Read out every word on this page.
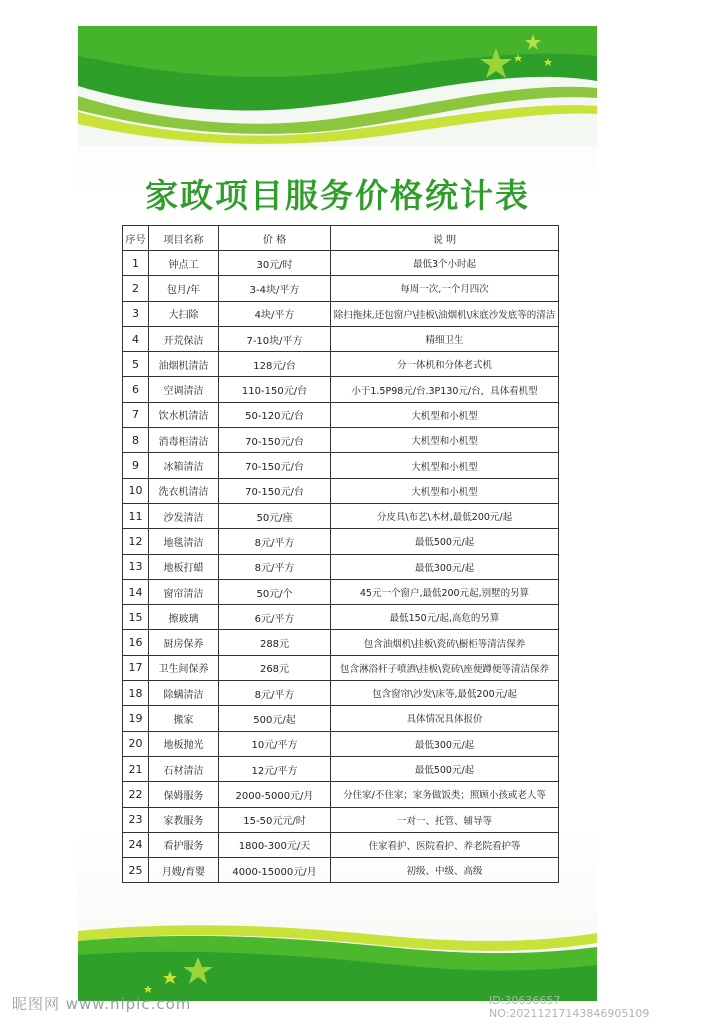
家政项目服务价格统计表
序号	项目名称	价 格	说 明
1	钟点工	30元/时	最低3个小时起
2	包月/年	3-4块/平方	每周一次,一个月四次
3	大扫除	4块/平方	除扫拖抹,还包窗户\挂板\油烟机\床底沙发底等的清洁
4	开荒保洁	7-10块/平方	精细卫生
5	油烟机清洁	128元/台	分一体机和分体老式机
6	空调清洁	110-150元/台	小于1.5P98元/台.3P130元/台，具体看机型
7	饮水机清洁	50-120元/台	大机型和小机型
8	消毒柜清洁	70-150元/台	大机型和小机型
9	冰箱清洁	70-150元/台	大机型和小机型
10	洗衣机清洁	70-150元/台	大机型和小机型
11	沙发清洁	50元/座	分皮具\布艺\木材,最低200元/起
12	地毯清洁	8元/平方	最低500元/起
13	地板打蜡	8元/平方	最低300元/起
14	窗帘清洁	50元/个	45元一个窗户,最低200元起,别墅的另算
15	擦玻璃	6元/平方	最低150元/起,高危的另算
16	厨房保养	288元	包含油烟机\挂板\瓷砖\橱柜等清洁保养
17	卫生间保养	268元	包含淋浴杆子喷洒\挂板\瓷砖\座便蹲便等清洁保养
18	除螨清洁	8元/平方	包含窗帘\沙发\床等,最低200元/起
19	搬家	500元/起	具体情况具体报价
20	地板抛光	10元/平方	最低300元/起
21	石材清洁	12元/平方	最低500元/起
22	保姆服务	2000-5000元/月	分住家/不住家；家务做饭类；照顾小孩或老人等
23	家教服务	15-50元元/时	一对一、托管、辅导等
24	看护服务	1800-300元/天	住家看护、医院看护、养老院看护等
25	月嫂/育婴	4000-15000元/月	初级、中级、高级
昵图网 www.nipic.com	ID:30636657 NO:20211217143846905109
